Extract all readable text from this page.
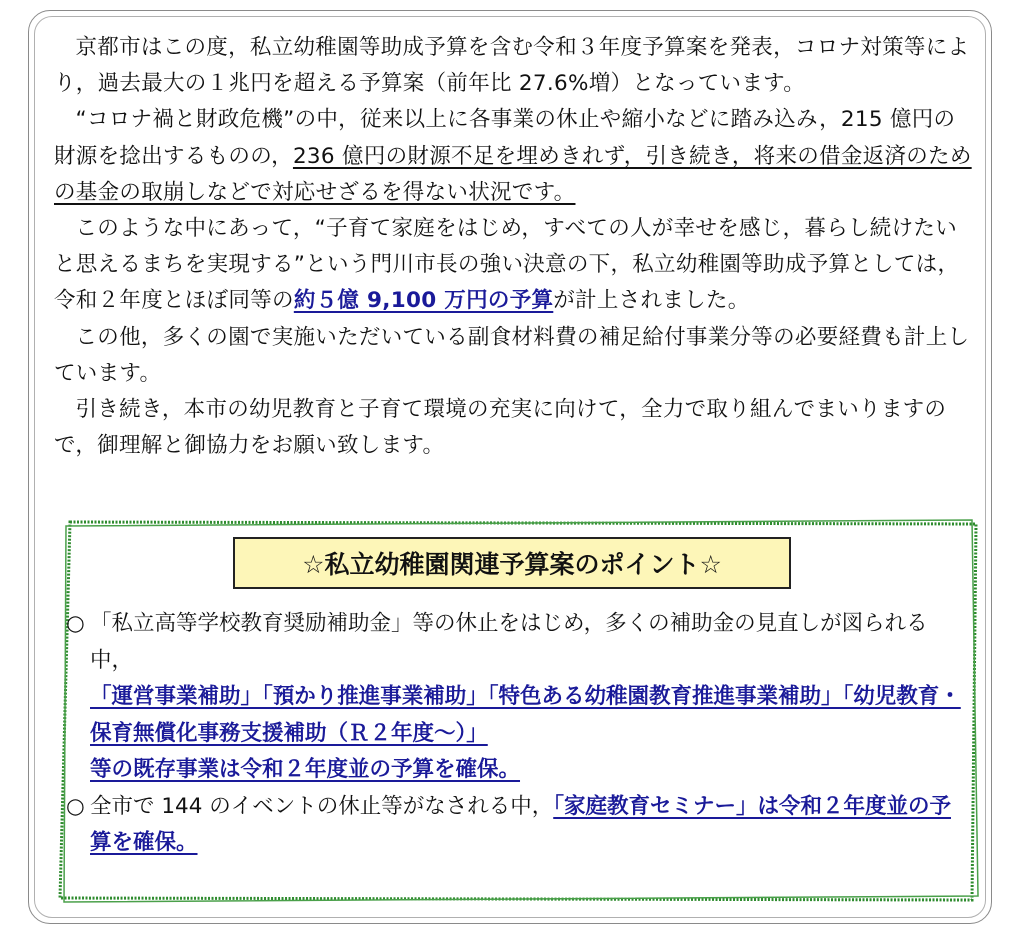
京都市はこの度，私立幼稚園等助成予算を含む令和３年度予算案を発表，コロナ対策等により，過去最大の１兆円を超える予算案（前年比 27.6%増）となっています。

“コロナ禍と財政危機”の中，従来以上に各事業の休止や縮小などに踏み込み，215 億円の財源を捻出するものの，236 億円の財源不足を埋めきれず，引き続き，将来の借金返済のための基金の取崩しなどで対応せざるを得ない状況です。

このような中にあって，“子育て家庭をはじめ，すべての人が幸せを感じ，暮らし続けたいと思えるまちを実現する”という門川市長の強い決意の下，私立幼稚園等助成予算としては，令和２年度とほぼ同等の約５億 9,100 万円の予算が計上されました。

この他，多くの園で実施いただいている副食材料費の補足給付事業分等の必要経費も計上しています。

引き続き，本市の幼児教育と子育て環境の充実に向けて，全力で取り組んでまいりますので，御理解と御協力をお願い致します。

☆私立幼稚園関連予算案のポイント☆
○ 「私立高等学校教育奨励補助金」等の休止をはじめ，多くの補助金の見直しが図られる中，
「運営事業補助」「預かり推進事業補助」「特色ある幼稚園教育推進事業補助」「幼児教育・保育無償化事務支援補助（Ｒ２年度～）」
等の既存事業は令和２年度並の予算を確保。
○ 全市で 144 のイベントの休止等がなされる中，「家庭教育セミナー」は令和２年度並の予算を確保。
